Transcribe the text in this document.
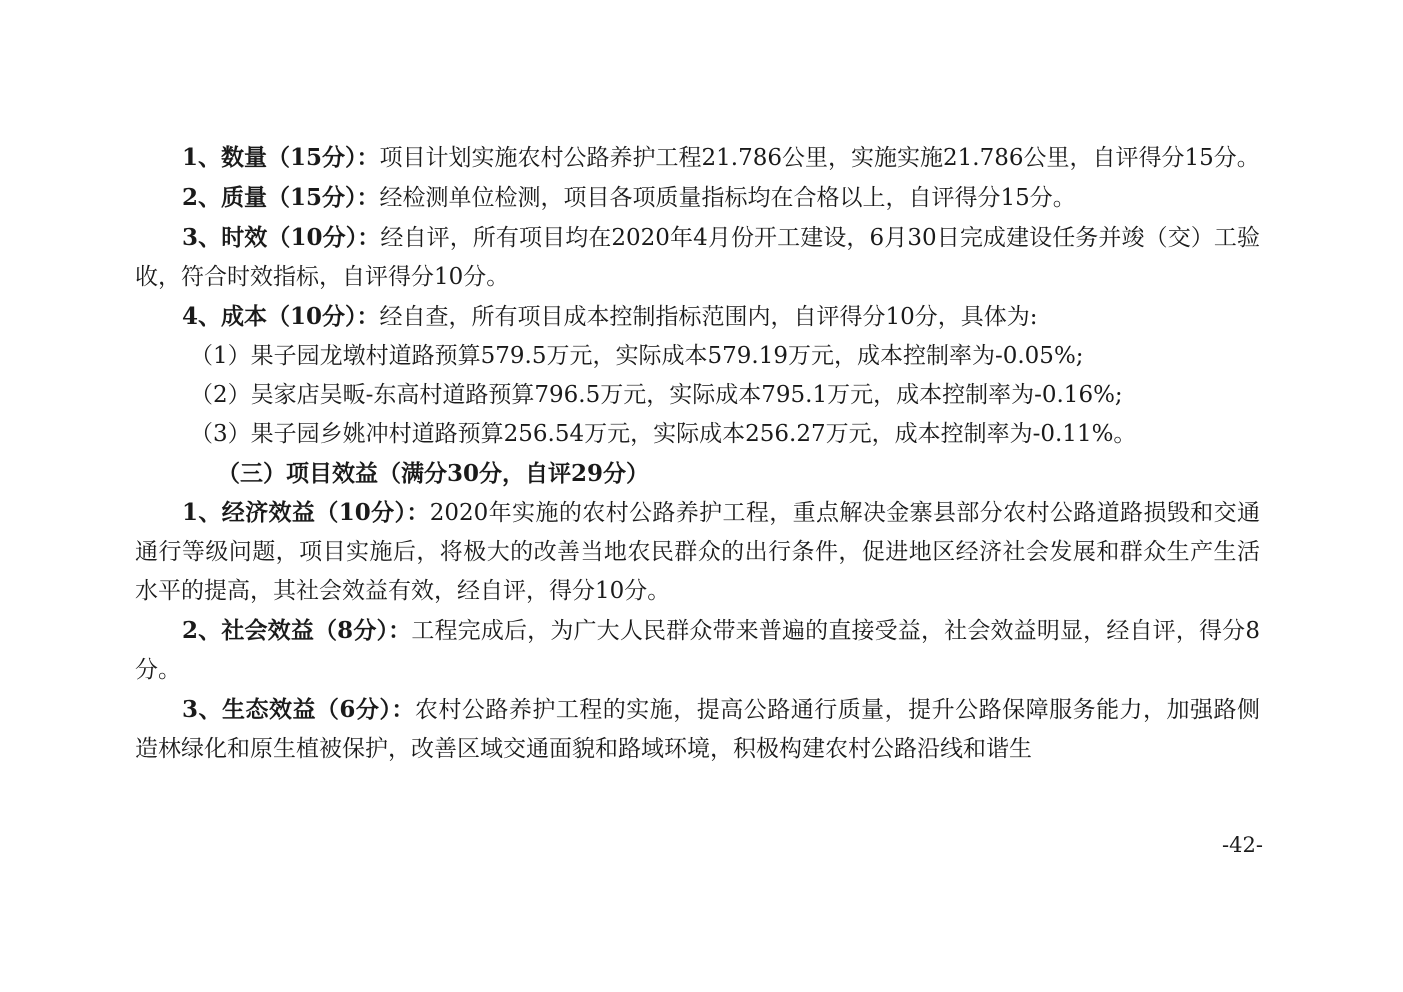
1、数量（15分）：项目计划实施农村公路养护工程21.786公里，实施实施21.786公里，自评得分15分。

2、质量（15分）：经检测单位检测，项目各项质量指标均在合格以上，自评得分15分。

3、时效（10分）：经自评，所有项目均在2020年4月份开工建设，6月30日完成建设任务并竣（交）工验收，符合时效指标，自评得分10分。

4、成本（10分）：经自查，所有项目成本控制指标范围内，自评得分10分，具体为:

（1）果子园龙墩村道路预算579.5万元，实际成本579.19万元，成本控制率为-0.05%;

（2）吴家店吴畈-东高村道路预算796.5万元，实际成本795.1万元，成本控制率为-0.16%;

（3）果子园乡姚冲村道路预算256.54万元，实际成本256.27万元，成本控制率为-0.11%。

（三）项目效益（满分30分，自评29分）

1、经济效益（10分）：2020年实施的农村公路养护工程，重点解决金寨县部分农村公路道路损毁和交通通行等级问题，项目实施后，将极大的改善当地农民群众的出行条件，促进地区经济社会发展和群众生产生活水平的提高，其社会效益有效，经自评，得分10分。

2、社会效益（8分）：工程完成后，为广大人民群众带来普遍的直接受益，社会效益明显，经自评，得分8分。

3、生态效益（6分）：农村公路养护工程的实施，提高公路通行质量，提升公路保障服务能力，加强路侧造林绿化和原生植被保护，改善区域交通面貌和路域环境，积极构建农村公路沿线和谐生

-42-
